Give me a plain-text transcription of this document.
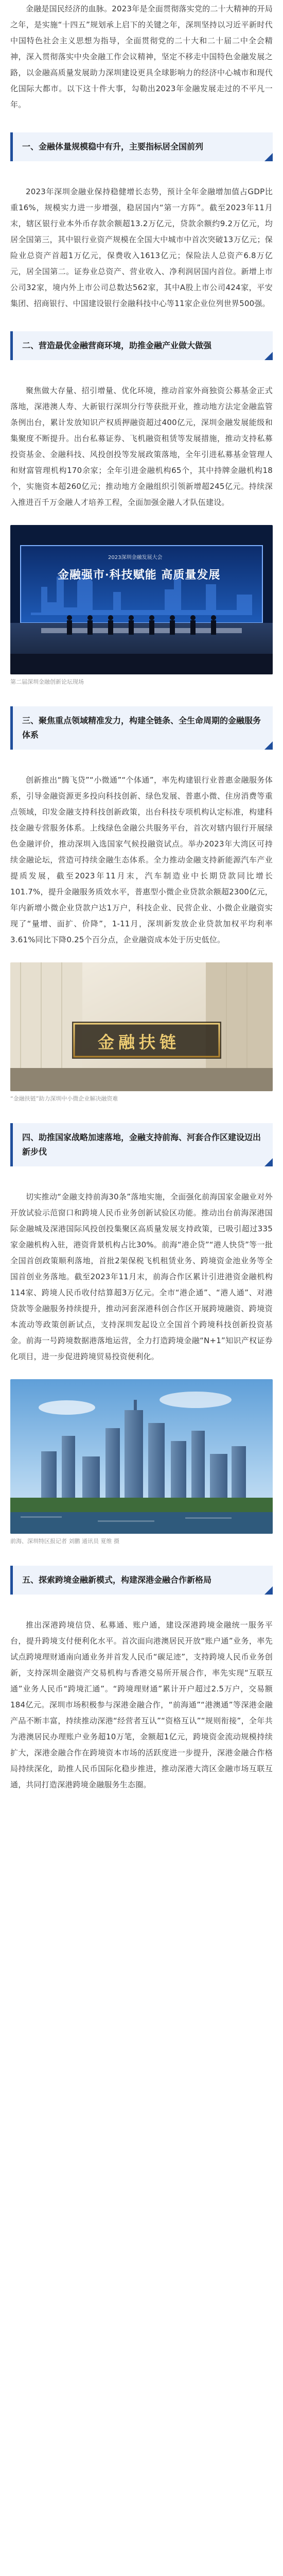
金融是国民经济的血脉。2023年是全面贯彻落实党的二十大精神的开局之年，是实施“十四五”规划承上启下的关键之年，深圳坚持以习近平新时代中国特色社会主义思想为指导，全面贯彻党的二十大和二十届二中全会精神，深入贯彻落实中央金融工作会议精神，坚定不移走中国特色金融发展之路，以金融高质量发展助力深圳建设更具全球影响力的经济中心城市和现代化国际大都市。以下这十件大事，勾勒出2023年金融发展走过的不平凡一年。

一、金融体量规模稳中有升，主要指标居全国前列

2023年深圳金融业保持稳健增长态势，预计全年金融增加值占GDP比重16%，规模实力进一步增强，稳居国内“第一方阵”。截至2023年11月末，辖区银行业本外币存款余额超13.2万亿元，贷款余额约9.2万亿元，均居全国第三，其中银行业资产规模在全国大中城市中首次突破13万亿元；保险业总资产首超1万亿元，保费收入1613亿元；保险法人总资产6.8万亿元，居全国第二。证券业总资产、营业收入、净利润居国内首位。新增上市公司32家，境内外上市公司总数达562家，其中A股上市公司424家，平安集团、招商银行、中国建设银行金融科技中心等11家企业位列世界500强。

二、营造最优金融营商环境，助推金融产业做大做强

聚焦做大存量、招引增量、优化环境，推动首家外商独资公募基金正式落地，深港澳人寿、大新银行深圳分行等获批开业，推动地方法定金融监管条例出台，累计发放知识产权质押融资超过400亿元，深圳金融发展能级和集聚度不断提升。出台私募证券、飞机融资租赁等发展措施，推动支持私募投资基金、金融科技、风投创投等发展政策落地，全年引进私募基金管理人和财富管理机构170余家；全年引进金融机构65个，其中持牌金融机构18个，实施资本超260亿元；推动地方金融组织引领新增超245亿元。持续深入推进百千万金融人才培养工程，全面加强金融人才队伍建设。

2023深圳金融发展大会
金融强市·科技赋能 高质量发展

第二届深圳金融创新论坛现场

三、聚焦重点领域精准发力，构建全链条、全生命周期的金融服务体系

创新推出“腾飞贷”“小微通”“个体通”，率先构建银行业普惠金融服务体系，引导金融资源更多投向科技创新、绿色发展、普惠小微、住房消费等重点领域，印发金融支持科技创新政策，出台科技专项机构认定标准，构建科技金融专营服务体系。上线绿色金融公共服务平台，首次对辖内银行开展绿色金融评价，推动深圳入选国家气候投融资试点。举办2023年大湾区可持续金融论坛，营造可持续金融生态体系。全力推动金融支持新能源汽车产业提质发展，截至2023年11月末，汽车制造业中长期贷款同比增长101.7%，提升金融服务质效水平，普惠型小微企业贷款余额超2300亿元，年内新增小微企业贷款户达1万户，科技企业、民营企业、小微企业融资实现了“量增、面扩、价降”，1-11月，深圳新发放企业贷款加权平均利率3.61%同比下降0.25个百分点，企业融资成本处于历史低位。

金融扶链

“金融扶链”助力深圳中小微企业解决融资难

四、助推国家战略加速落地，金融支持前海、河套合作区建设迈出新步伐

切实推动“金融支持前海30条”落地实施，全面强化前海国家金融业对外开放试验示范窗口和跨境人民币业务创新试验区功能。推动出台前海深港国际金融城及深港国际风投创投集聚区高质量发展支持政策，已吸引超过335家金融机构入驻，港资背景机构占比30%。前海“港企贷”“港人快贷”等一批全国首创政策顺利落地，首批2架保税飞机租赁业务、跨境资金池业务等全国首创业务落地。截至2023年11月末，前海合作区累计引进港资金融机构114家、跨境人民币收付结算超3万亿元。全市“港企通”、“港人通”、对港贷款等金融服务持续提升，推动河套深港科创合作区开展跨境融资、跨境资本流动等政策创新试点，支持深圳发起设立全国首个跨境科技创新投资基金。前海一号跨境数据港落地运营，全力打造跨境金融“N+1”知识产权证券化项目，进一步促进跨境贸易投资便利化。

前海、深圳特区报记者 刘鹏 通讯员 夏维 摄

五、探索跨境金融新模式，构建深港金融合作新格局

推出深港跨境信贷、私募通、账户通，建设深港跨境金融统一服务平台，提升跨境支付便利化水平。首次面向港澳居民开放“账户通”业务，率先试点跨境理财通南向通业务并首发人民币“碳足迹”，支持跨境人民币业务创新，支持深圳金融资产交易机构与香港交易所开展合作，率先实现“互联互通”业务人民币“跨境汇通”。“跨境理财通”累计开户超过2.5万户，交易额184亿元。深圳市场积极参与深港金融合作，“前海通”“港澳通”等深港金融产品不断丰富，持续推动深港“经营者互认”“资格互认”“规则衔接”，全年共为港澳居民办理账户业务超10万笔，金额超1亿元，跨境资金流动规模持续扩大，深港金融合作在跨境资本市场的活跃度进一步提升，深港金融合作格局持续深化，助推人民币国际化稳步推进，推动深港大湾区金融市场互联互通，共同打造深港跨境金融服务生态圈。
